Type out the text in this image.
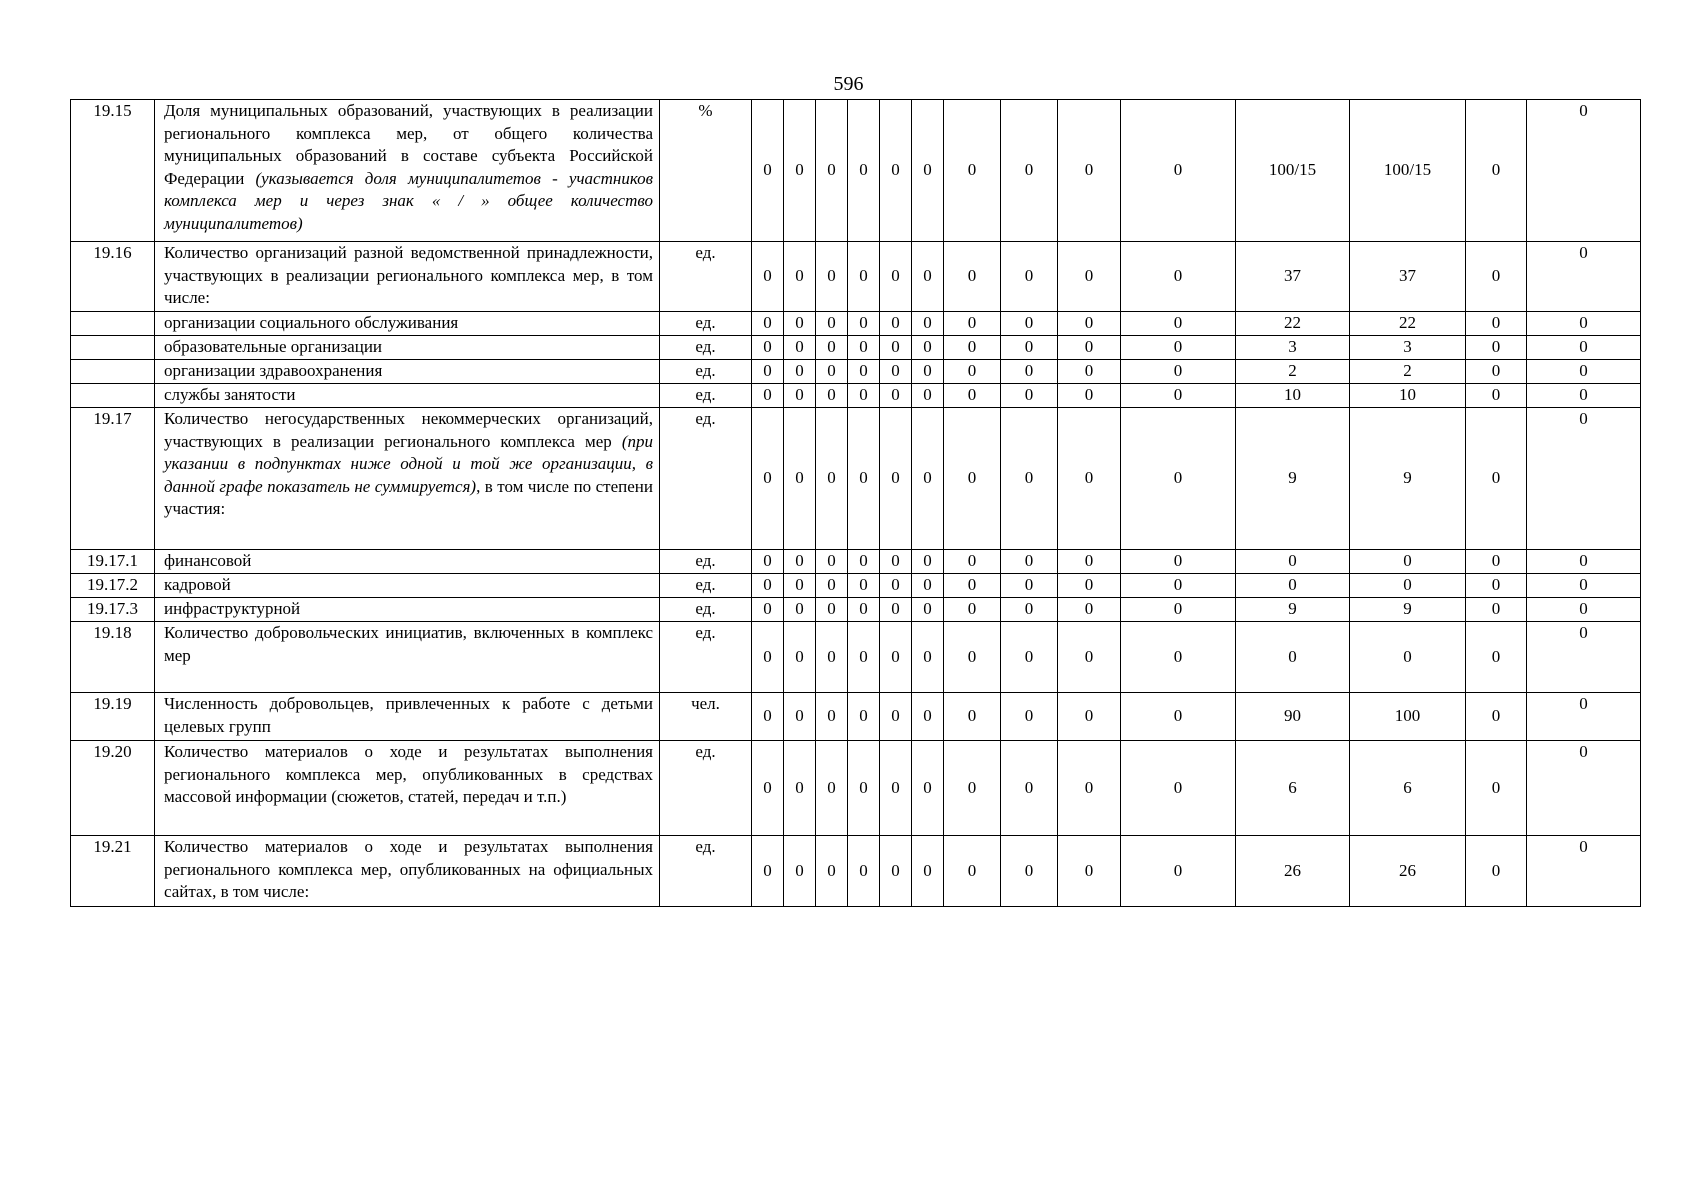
596
19.15	Доля муниципальных образований, участвующих в реализации регионального комплекса мер, от общего количества муниципальных образований в составе субъекта Российской Федерации (указывается доля муниципалитетов - участников комплекса мер и через знак « / » общее количество муниципалитетов)	%	0	0	0	0	0	0	0	0	0	0	100/15	100/15	0	0
19.16	Количество организаций разной ведомственной принадлежности, участвующих в реализации регионального комплекса мер, в том числе:	ед.	0	0	0	0	0	0	0	0	0	0	37	37	0	0
	организации социального обслуживания	ед.	0	0	0	0	0	0	0	0	0	0	22	22	0	0
	образовательные организации	ед.	0	0	0	0	0	0	0	0	0	0	3	3	0	0
	организации здравоохранения	ед.	0	0	0	0	0	0	0	0	0	0	2	2	0	0
	службы занятости	ед.	0	0	0	0	0	0	0	0	0	0	10	10	0	0
19.17	Количество негосударственных некоммерческих организаций, участвующих в реализации регионального комплекса мер (при указании в подпунктах ниже одной и той же организации, в данной графе показатель не суммируется), в том числе по степени участия:	ед.	0	0	0	0	0	0	0	0	0	0	9	9	0	0
19.17.1	финансовой	ед.	0	0	0	0	0	0	0	0	0	0	0	0	0	0
19.17.2	кадровой	ед.	0	0	0	0	0	0	0	0	0	0	0	0	0	0
19.17.3	инфраструктурной	ед.	0	0	0	0	0	0	0	0	0	0	9	9	0	0
19.18	Количество добровольческих инициатив, включенных в комплекс мер	ед.	0	0	0	0	0	0	0	0	0	0	0	0	0	0
19.19	Численность добровольцев, привлеченных к работе с детьми целевых групп	чел.	0	0	0	0	0	0	0	0	0	0	90	100	0	0
19.20	Количество материалов о ходе и результатах выполнения регионального комплекса мер, опубликованных в средствах массовой информации (сюжетов, статей, передач и т.п.)	ед.	0	0	0	0	0	0	0	0	0	0	6	6	0	0
19.21	Количество материалов о ходе и результатах выполнения регионального комплекса мер, опубликованных на официальных сайтах, в том числе:	ед.	0	0	0	0	0	0	0	0	0	0	26	26	0	0
